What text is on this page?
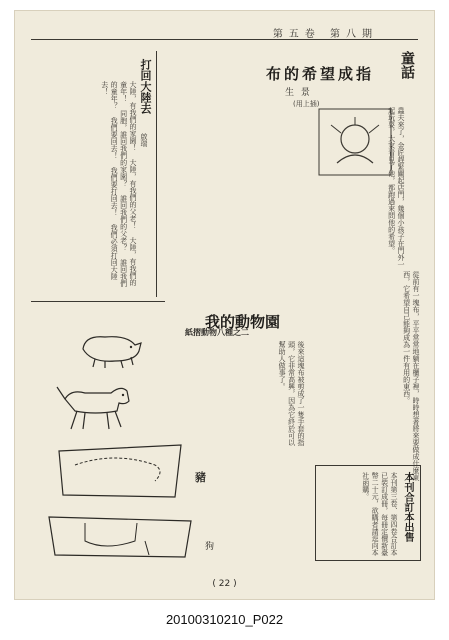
第五卷 第八期
童話
布的希望成指
生 景
(用上插)
蟲夫來了，金匠趕緊關起店門，幾個小孩子在門外一起玩耍，大家看見了他，都跑過來問他的希望。
從前有一塊布，平平常常地躺在櫃子裡，時時想著將來要做成什麼東西，它希望自己能夠成為一件有用的東西。
打回大陸去
啟瑞
大陸，有我們的家園！ 大陸，有我們的父老！ 大陸，有我們的童年！ 同胞，誰回我們的家園？ 誰回我們的父老？ 誰回我們的童年？ 我們要回去！ 我們要打回去！ 我們必須打回大陸去！
我的動物園
紙摺動物八種之二
後來這塊布被剪成了一隻手套的指頭，它非常高興，因為它終於可以幫助人做事了。
豬
狗
本刊合訂本出售
本刊第三卷、第四卷合訂本已裝訂成冊，每冊定價新臺幣二十元，欲購者請逕向本社函購。
( 22 )
20100310210_P022
